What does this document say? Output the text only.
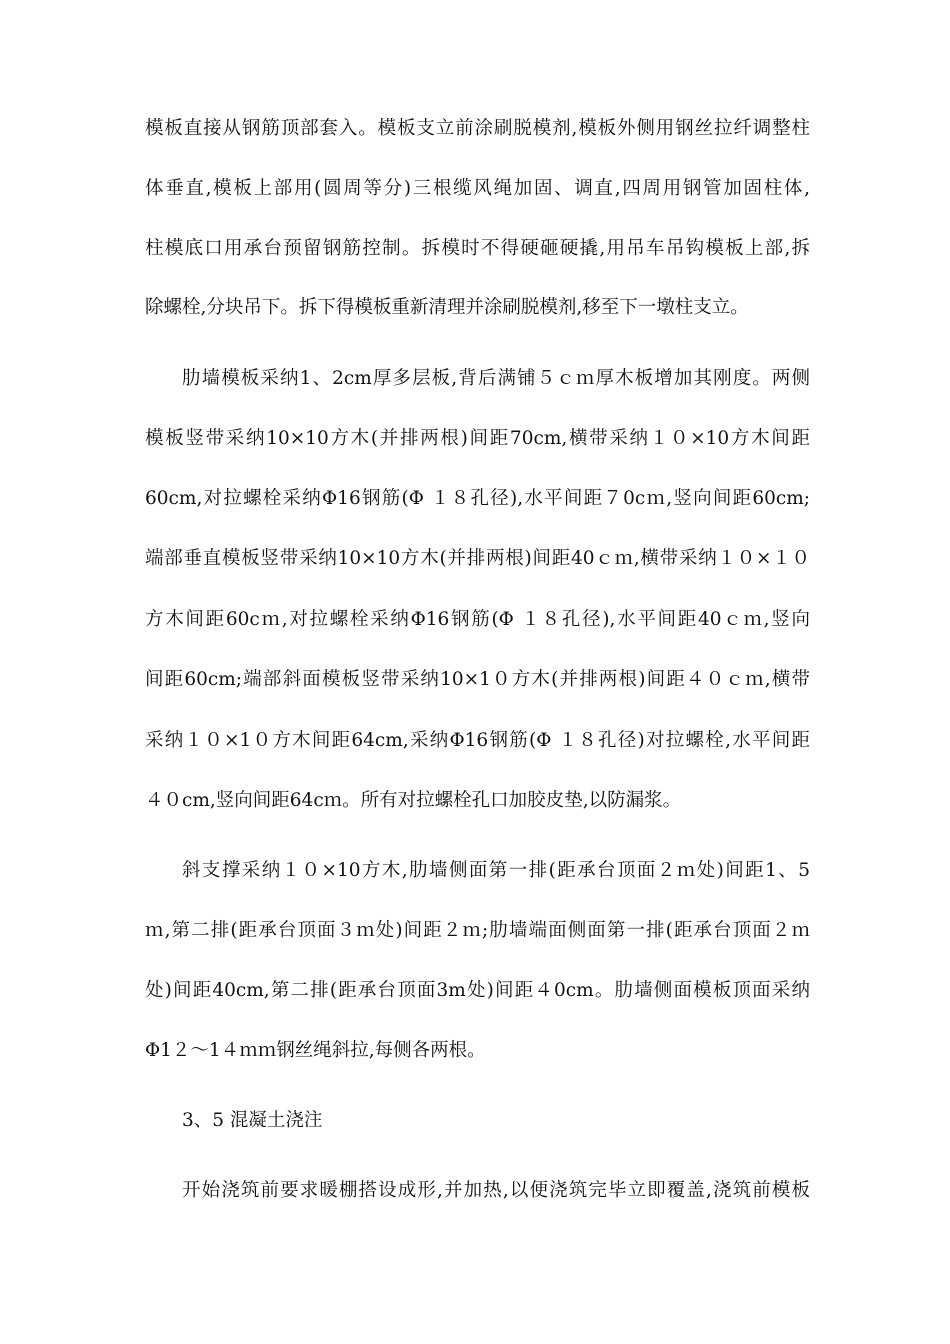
模板直接从钢筋顶部套入。模板支立前涂刷脱模剂,模板外侧用钢丝拉纤调整柱
体垂直,模板上部用(圆周等分)三根缆风绳加固、调直,四周用钢管加固柱体,
柱模底口用承台预留钢筋控制。拆模时不得硬砸硬撬,用吊车吊钩模板上部,拆
除螺栓,分块吊下。拆下得模板重新清理并涂刷脱模剂,移至下一墩柱支立。
肋墙模板采纳1、2cm厚多层板,背后满铺５ｃｍ厚木板增加其刚度。两侧
模板竖带采纳10×10方木(并排两根)间距70cm,横带采纳１０×10方木间距
60cm,对拉螺栓采纳Φ16钢筋(Φ １８孔径),水平间距７0cｍ,竖向间距60cm;
端部垂直模板竖带采纳10×10方木(并排两根)间距40ｃｍ,横带采纳１０×１０
方木间距60cｍ,对拉螺栓采纳Φ16钢筋(Φ １８孔径),水平间距40ｃｍ,竖向
间距60cm;端部斜面模板竖带采纳10×1０方木(并排两根)间距４０ｃｍ,横带
采纳１０×1０方木间距64cm,采纳Φ16钢筋(Φ １８孔径)对拉螺栓,水平间距
４０cm,竖向间距64cｍ。所有对拉螺栓孔口加胶皮垫,以防漏浆。
斜支撑采纳１０×10方木,肋墙侧面第一排(距承台顶面２ｍ处)间距1、5
ｍ,第二排(距承台顶面３ｍ处)间距２ｍ;肋墙端面侧面第一排(距承台顶面２ｍ
处)间距40cm,第二排(距承台顶面3m处)间距４0cm。肋墙侧面模板顶面采纳
Φ1２～1４ｍｍ钢丝绳斜拉,每侧各两根。
3、5 混凝土浇注
开始浇筑前要求暖棚搭设成形,并加热,以便浇筑完毕立即覆盖,浇筑前模板
